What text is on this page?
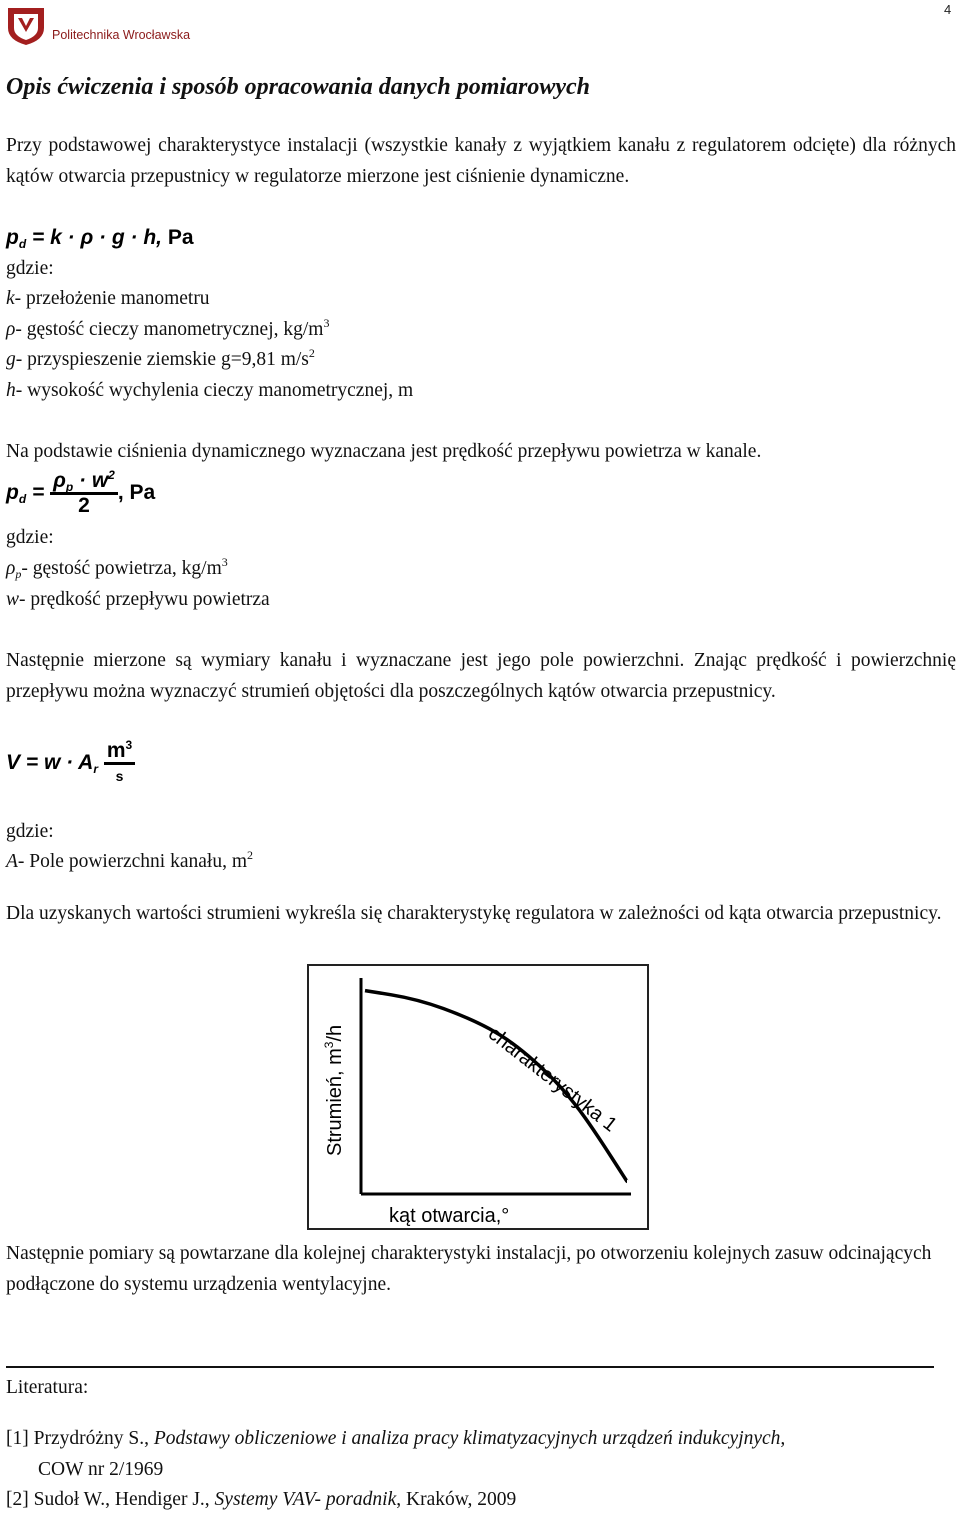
Politechnika Wrocławska
4
Opis ćwiczenia i sposób opracowania danych pomiarowych

Przy podstawowej charakterystyce instalacji (wszystkie kanały z wyjątkiem kanału z regulatorem odcięte) dla różnych kątów otwarcia przepustnicy w regulatorze mierzone jest ciśnienie dynamiczne.

$p_d = k \cdot \rho \cdot g \cdot h$, Pa
gdzie:
k- przełożenie manometru
ρ- gęstość cieczy manometrycznej, $kg/m^3$
g- przyspieszenie ziemskie g=9,81 $m/s^2$
h- wysokość wychylenia cieczy manometrycznej, m

Na podstawie ciśnienia dynamicznego wyznaczana jest prędkość przepływu powietrza w kanale.

$p_d = \frac{\rho_p \cdot w^2}{2}$ , Pa
gdzie:
$\rho_p-$ gęstość powietrza, $kg/m^3$
w- prędkość przepływu powietrza

Następnie mierzone są wymiary kanału i wyznaczane jest jego pole powierzchni. Znając prędkość i powierzchnię przepływu można wyznaczyć strumień objętości dla poszczególnych kątów otwarcia przepustnicy.

$V = w \cdot A_r \frac{m^3}{s}$
gdzie:
A- Pole powierzchni kanału, $m^2$

Dla uzyskanych wartości strumieni wykreśla się charakterystykę regulatora w zależności od kąta otwarcia przepustnicy.

charakterystyka 1
Strumień, $m^3/h$
kąt otwarcia,°

Następnie pomiary są powtarzane dla kolejnej charakterystyki instalacji, po otworzeniu kolejnych zasuw odcinających podłączone do systemu urządzenia wentylacyjne.

Literatura:
[1] Przydróżny S., Podstawy obliczeniowe i analiza pracy klimatyzacyjnych urządzeń indukcyjnych,
COW nr 2/1969
[2] Sudoł W., Hendiger J., Systemy VAV- poradnik, Kraków, 2009
